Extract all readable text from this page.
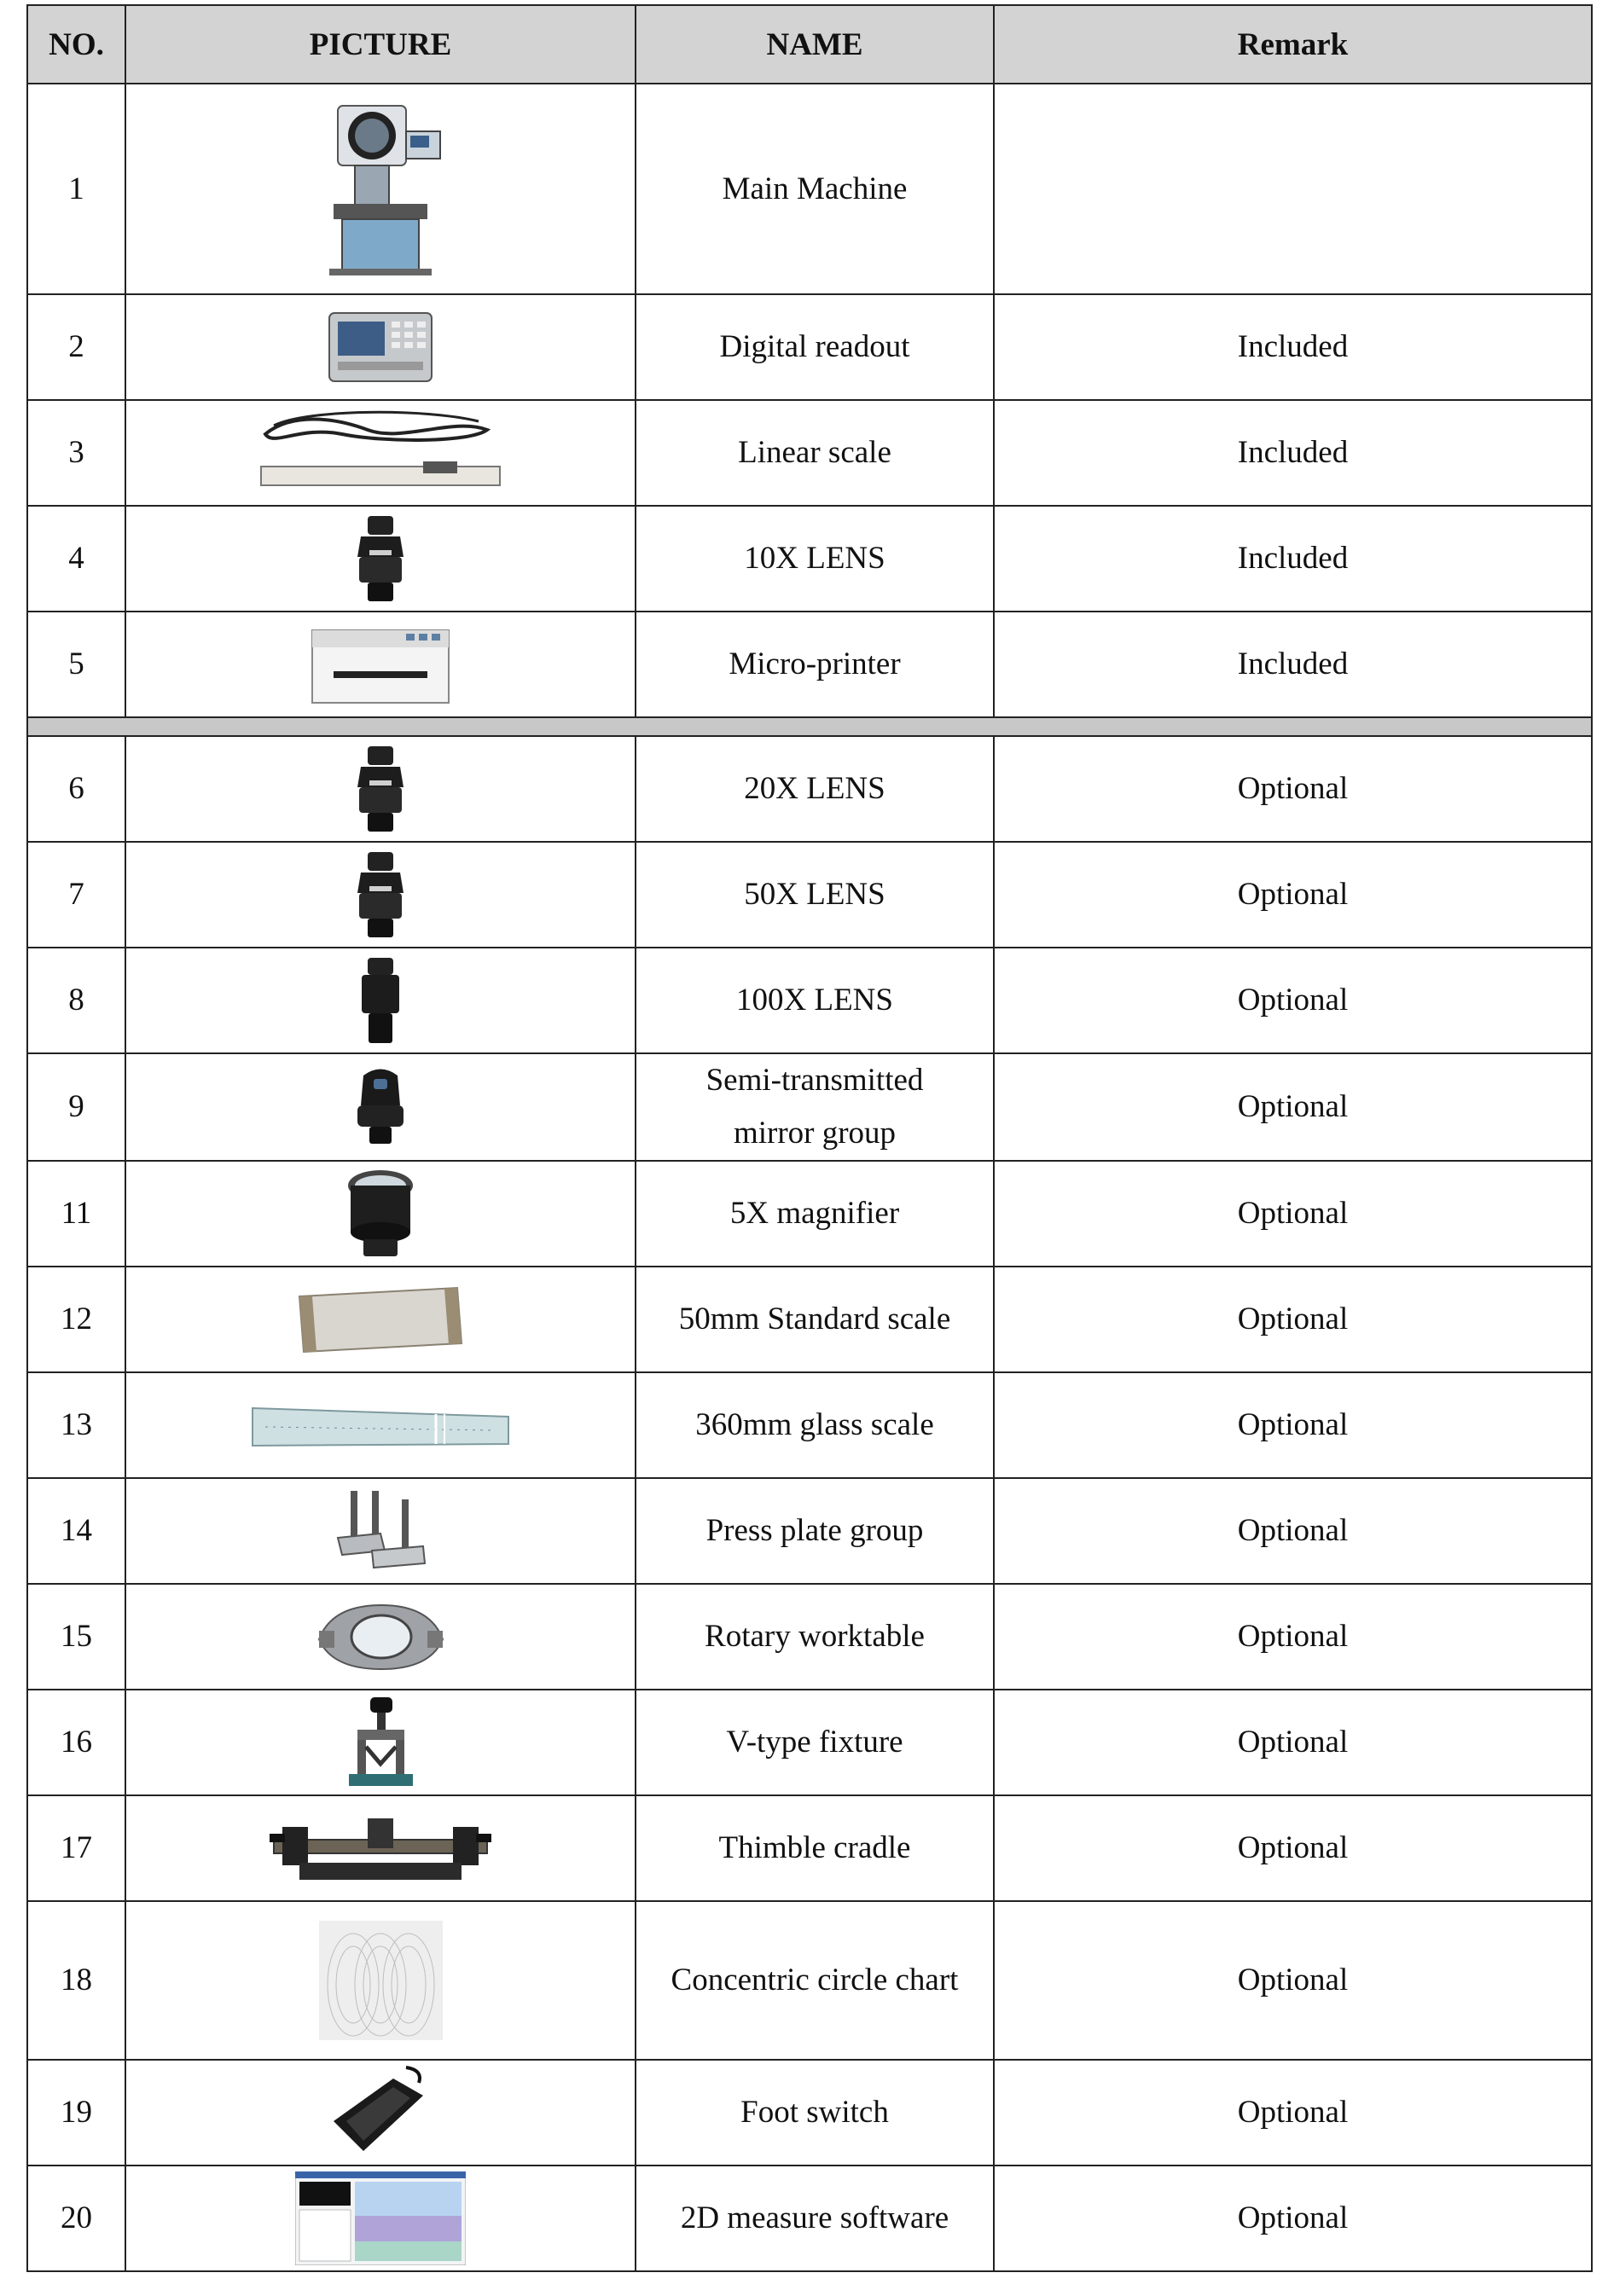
NO.	PICTURE	NAME	Remark
1		Main Machine	
2		Digital readout	Included
3		Linear scale	Included
4		10X LENS	Included
5		Micro-printer	Included

6		20X LENS	Optional
7		50X LENS	Optional
8		100X LENS	Optional
9		Semi-transmitted
mirror group	Optional
11		5X magnifier	Optional
12		50mm Standard scale	Optional
13		360mm glass scale	Optional
14		Press plate group	Optional
15		Rotary worktable	Optional
16		V-type fixture	Optional
17		Thimble cradle	Optional
18		Concentric circle chart	Optional
19		Foot switch	Optional
20		2D measure software	Optional
